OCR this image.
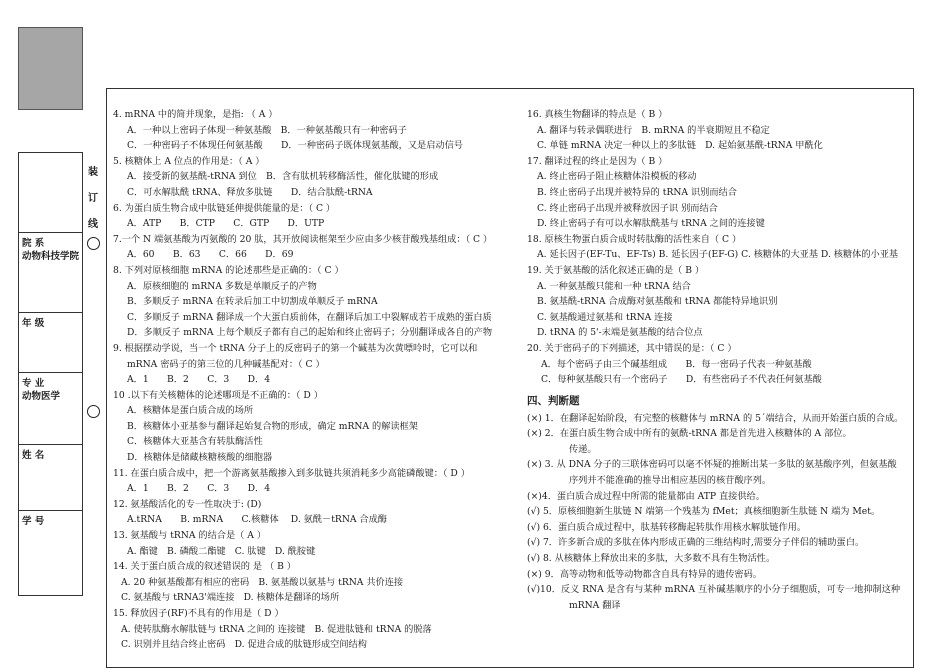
院 系
动物科技学院
年 级
专 业
动物医学
姓 名
学 号
装
订
线
4. mRNA 中的简并现象，是指: （ A ）
A．一种以上密码子体现一种氨基酸　B．一种氨基酸只有一种密码子
C．一种密码子不体现任何氨基酸　　D．一种密码子既体现氨基酸，又是启动信号
5. 核糖体上 A 位点的作用是：（ A ）
A．接受新的氨基酰-tRNA 到位　B．含有肽机转移酶活性，催化肽键的形成
C．可水解肽酰 tRNA、释放多肽链　　D．结合肽酰-tRNA
6. 为蛋白质生物合成中肽链延伸提供能量的是：（ C ）
A．ATP　　B．CTP　　C．GTP　　D．UTP
7.一个 N 端氨基酸为丙氨酸的 20 肽，其开放阅读框架至少应由多少核苷酸残基组成：（ C ）
A．60　　B．63　　C．66　　D．69
8. 下列对原核细胞 mRNA 的论述那些是正确的：（ C ）
A．原核细胞的 mRNA 多数是单顺反子的产物
B．多顺反子 mRNA 在转录后加工中切割成单顺反子 mRNA
C．多顺反子 mRNA 翻译成一个大蛋白质前体，在翻译后加工中裂解成若干成熟的蛋白质
D．多顺反子 mRNA 上每个顺反子都有自己的起始和终止密码子；分别翻译成各自的产物
9. 根据摆动学说，当一个 tRNA 分子上的反密码子的第一个碱基为次黄嘌呤时，它可以和
mRNA 密码子的第三位的几种碱基配对：（ C ）
A．1　　B．2　　C．3　　D．4
10 .以下有关核糖体的论述哪项是不正确的：（ D ）
A．核糖体是蛋白质合成的场所
B．核糖体小亚基参与翻译起始复合物的形成，确定 mRNA 的解读框架
C．核糖体大亚基含有转肽酶活性
D．核糖体是储藏核糖核酸的细胞器
11. 在蛋白质合成中，把一个游离氨基酸掺入到多肽链共须消耗多少高能磷酸键：（ D ）
A．1　　B．2　　C．3　　D．4
12. 氨基酸活化的专一性取决于: (D)
A.tRNA　　B. mRNA　　C.核糖体　 D. 氨酰－tRNA 合成酶
13. 氨基酸与 tRNA 的结合是（ A ）
A. 酯键　B. 磷酸二酯键　C. 肽键　D. 酰胺键
14. 关于蛋白质合成的叙述错误的 是 （ B ）
A. 20 种氨基酸都有相应的密码　B. 氨基酸以氨基与 tRNA 共价连接
C. 氨基酸与 tRNA3'端连接　D. 核糖体是翻译的场所
15. 释放因子(RF)不具有的作用是（ D ）
A. 使转肽酶水解肽链与 tRNA 之间的 连接键　B. 促进肽链和 tRNA 的脱落
C. 识别并且结合终止密码　D. 促进合成的肽链形成空间结构
16. 真核生物翻译的特点是（ B ）
A. 翻译与转录偶联进行　B. mRNA 的半衰期短且不稳定
C. 单链 mRNA 决定一种以上的多肽链　D. 起始氨基酰-tRNA 甲酰化
17. 翻译过程的终止是因为（ B ）
A. 终止密码子阻止核糖体沿模板的移动
B. 终止密码子出现并被特异的 tRNA 识别而结合
C. 终止密码子出现并被释放因子识 别而结合
D. 终止密码子有可以水解肽酰基与 tRNA 之间的连接键
18. 原核生物蛋白质合成时转肽酶的活性来自（ C ）
A. 延长因子(EF-Tu、EF-Ts) B. 延长因子(EF-G) C. 核糖体的大亚基 D. 核糖体的小亚基
19. 关于氨基酸的活化叙述正确的是（ B ）
A. 一种氨基酸只能和一种 tRNA 结合
B. 氨基酰-tRNA 合成酶对氨基酸和 tRNA 都能特异地识别
C. 氨基酸通过氨基和 tRNA 连接
D. tRNA 的 5'-末端是氨基酸的结合位点
20. 关于密码子的下列描述，其中错误的是：（ C ）
A．每个密码子由三个碱基组成　　B．每一密码子代表一种氨基酸
C．每种氨基酸只有一个密码子　　D．有些密码子不代表任何氨基酸
四、判断题
(×) 1．在翻译起始阶段，有完整的核糖体与 mRNA 的 5´端结合，从而开始蛋白质的合成。
(×) 2．在蛋白质生物合成中所有的氨酰-tRNA 都是首先进入核糖体的 A 部位。
传递。
(×) 3. 从 DNA 分子的三联体密码可以毫不怀疑的推断出某一多肽的氨基酸序列，但氨基酸
序列并不能准确的推导出相应基因的核苷酸序列。
(×)4．蛋白质合成过程中所需的能量都由 ATP 直接供给。
(√) 5．原核细胞新生肽链 N 端第一个残基为 fMet；真核细胞新生肽链 N 端为 Met。
(√) 6．蛋白质合成过程中，肽基转移酶起转肽作用核水解肽链作用。
(√) 7．许多新合成的多肽在体内形成正确的三维结构时,需要分子伴侣的辅助蛋白。
(√) 8. 从核糖体上释放出来的多肽，大多数不具有生物活性。
(×) 9．高等动物和低等动物都含自具有特异的遗传密码。
(√)10．反义 RNA 是含有与某种 mRNA 互补碱基顺序的小分子细胞质，可专一地抑制这种
mRNA 翻译
